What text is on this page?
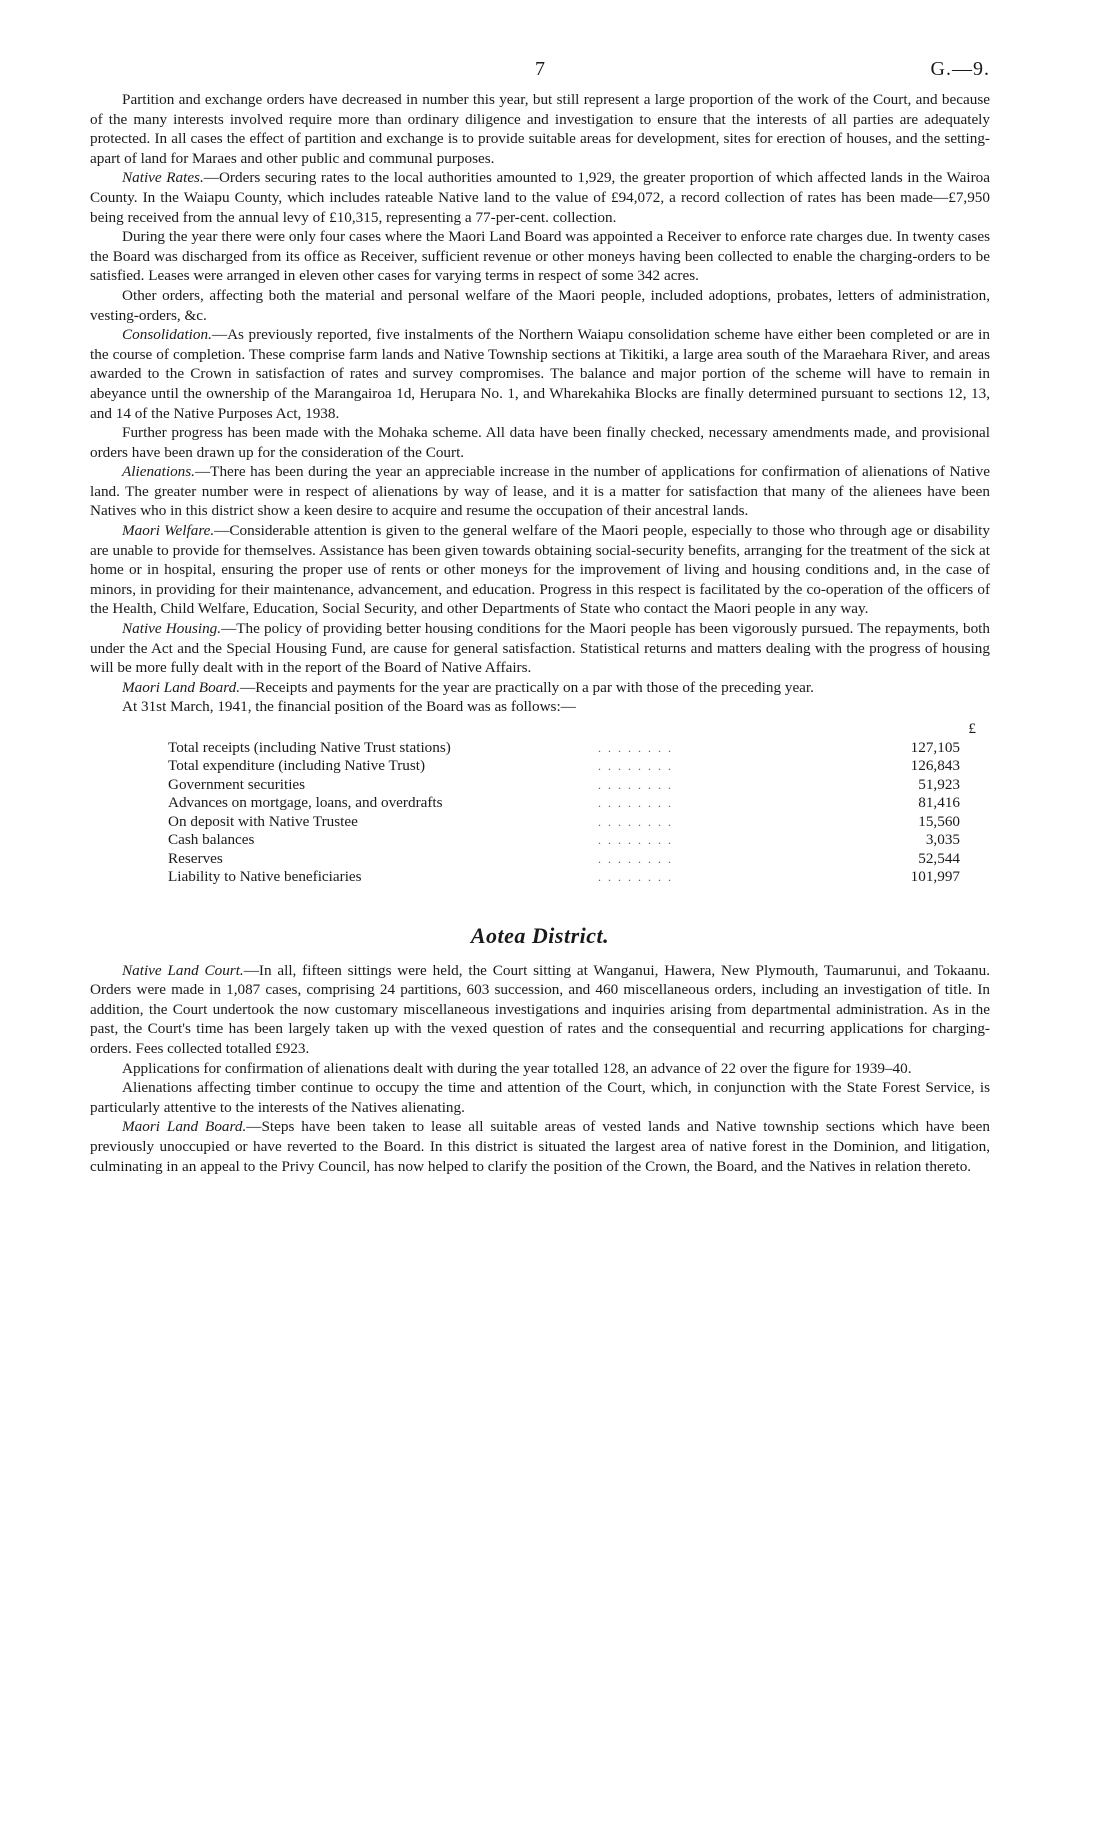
7	G.—9.

Partition and exchange orders have decreased in number this year, but still represent a large proportion of the work of the Court, and because of the many interests involved require more than ordinary diligence and investigation to ensure that the interests of all parties are adequately protected. In all cases the effect of partition and exchange is to provide suitable areas for development, sites for erection of houses, and the setting-apart of land for Maraes and other public and communal purposes.

Native Rates.—Orders securing rates to the local authorities amounted to 1,929, the greater proportion of which affected lands in the Wairoa County. In the Waiapu County, which includes rateable Native land to the value of £94,072, a record collection of rates has been made—£7,950 being received from the annual levy of £10,315, representing a 77-per-cent. collection.

During the year there were only four cases where the Maori Land Board was appointed a Receiver to enforce rate charges due. In twenty cases the Board was discharged from its office as Receiver, sufficient revenue or other moneys having been collected to enable the charging-orders to be satisfied. Leases were arranged in eleven other cases for varying terms in respect of some 342 acres.

Other orders, affecting both the material and personal welfare of the Maori people, included adoptions, probates, letters of administration, vesting-orders, &c.

Consolidation.—As previously reported, five instalments of the Northern Waiapu consolidation scheme have either been completed or are in the course of completion. These comprise farm lands and Native Township sections at Tikitiki, a large area south of the Maraehara River, and areas awarded to the Crown in satisfaction of rates and survey compromises. The balance and major portion of the scheme will have to remain in abeyance until the ownership of the Marangairoa 1d, Herupara No. 1, and Wharekahika Blocks are finally determined pursuant to sections 12, 13, and 14 of the Native Purposes Act, 1938.

Further progress has been made with the Mohaka scheme. All data have been finally checked, necessary amendments made, and provisional orders have been drawn up for the consideration of the Court.

Alienations.—There has been during the year an appreciable increase in the number of applications for confirmation of alienations of Native land. The greater number were in respect of alienations by way of lease, and it is a matter for satisfaction that many of the alienees have been Natives who in this district show a keen desire to acquire and resume the occupation of their ancestral lands.

Maori Welfare.—Considerable attention is given to the general welfare of the Maori people, especially to those who through age or disability are unable to provide for themselves. Assistance has been given towards obtaining social-security benefits, arranging for the treatment of the sick at home or in hospital, ensuring the proper use of rents or other moneys for the improvement of living and housing conditions and, in the case of minors, in providing for their maintenance, advancement, and education. Progress in this respect is facilitated by the co-operation of the officers of the Health, Child Welfare, Education, Social Security, and other Departments of State who contact the Maori people in any way.

Native Housing.—The policy of providing better housing conditions for the Maori people has been vigorously pursued. The repayments, both under the Act and the Special Housing Fund, are cause for general satisfaction. Statistical returns and matters dealing with the progress of housing will be more fully dealt with in the report of the Board of Native Affairs.

Maori Land Board.—Receipts and payments for the year are practically on a par with those of the preceding year.

At 31st March, 1941, the financial position of the Board was as follows:—

£
Total receipts (including Native Trust stations)	. . . . . . . .	127,105
Total expenditure (including Native Trust)	. . . . . . . .	126,843
Government securities	. . . . . . . .	51,923
Advances on mortgage, loans, and overdrafts	. . . . . . . .	81,416
On deposit with Native Trustee	. . . . . . . .	15,560
Cash balances	. . . . . . . .	3,035
Reserves	. . . . . . . .	52,544
Liability to Native beneficiaries	. . . . . . . .	101,997
Aotea District.

Native Land Court.—In all, fifteen sittings were held, the Court sitting at Wanganui, Hawera, New Plymouth, Taumarunui, and Tokaanu. Orders were made in 1,087 cases, comprising 24 partitions, 603 succession, and 460 miscellaneous orders, including an investigation of title. In addition, the Court undertook the now customary miscellaneous investigations and inquiries arising from departmental administration. As in the past, the Court's time has been largely taken up with the vexed question of rates and the consequential and recurring applications for charging-orders. Fees collected totalled £923.

Applications for confirmation of alienations dealt with during the year totalled 128, an advance of 22 over the figure for 1939–40.

Alienations affecting timber continue to occupy the time and attention of the Court, which, in conjunction with the State Forest Service, is particularly attentive to the interests of the Natives alienating.

Maori Land Board.—Steps have been taken to lease all suitable areas of vested lands and Native township sections which have been previously unoccupied or have reverted to the Board. In this district is situated the largest area of native forest in the Dominion, and litigation, culminating in an appeal to the Privy Council, has now helped to clarify the position of the Crown, the Board, and the Natives in relation thereto.
